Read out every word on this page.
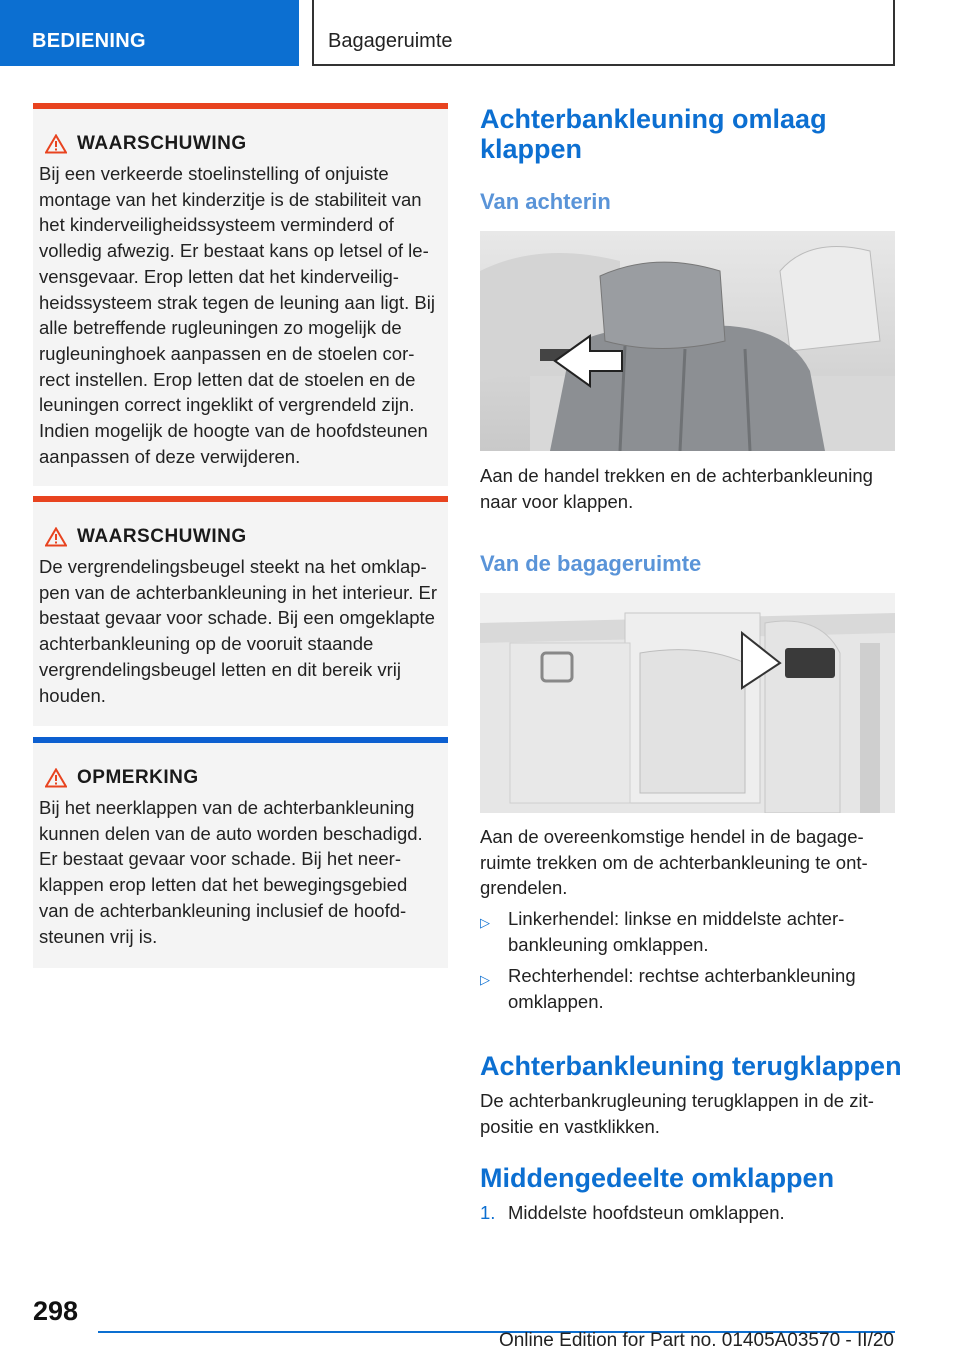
BEDIENING	Bagageruimte
WAARSCHUWING
Bij een verkeerde stoelinstelling of onjuiste montage van het kinderzitje is de stabiliteit van het kinderveiligheidssysteem verminderd of volledig afwezig. Er bestaat kans op letsel of levensgevaar. Erop letten dat het kinderveiligheidssysteem strak tegen de leuning aan ligt. Bij alle betreffende rugleuningen zo mogelijk de rugleuninghoek aanpassen en de stoelen correct instellen. Erop letten dat de stoelen en de leuningen correct ingeklikt of vergrendeld zijn. Indien mogelijk de hoogte van de hoofdsteunen aanpassen of deze verwijderen.
WAARSCHUWING
De vergrendelingsbeugel steekt na het omklappen van de achterbankleuning in het interieur. Er bestaat gevaar voor schade. Bij een omgeklapte achterbankleuning op de vooruit staande vergrendelingsbeugel letten en dit bereik vrij houden.
OPMERKING
Bij het neerklappen van de achterbankleuning kunnen delen van de auto worden beschadigd. Er bestaat gevaar voor schade. Bij het neerklappen erop letten dat het bewegingsgebied van de achterbankleuning inclusief de hoofdsteunen vrij is.
Achterbankleuning omlaag klappen
Van achterin

Aan de handel trekken en de achterbankleuning naar voor klappen.

Van de bagageruimte

Aan de overeenkomstige hendel in de bagageruimte trekken om de achterbankleuning te ontgrendelen.

▷ Linkerhendel: linkse en middelste achterbankleuning omklappen.
▷ Rechterhendel: rechtse achterbankleuning omklappen.
Achterbankleuning terugklappen

De achterbankrugleuning terugklappen in de zitpositie en vastklikken.

Middengedeelte omklappen
1. Middelste hoofdsteun omklappen.
298
Online Edition for Part no. 01405A03570 - II/20
